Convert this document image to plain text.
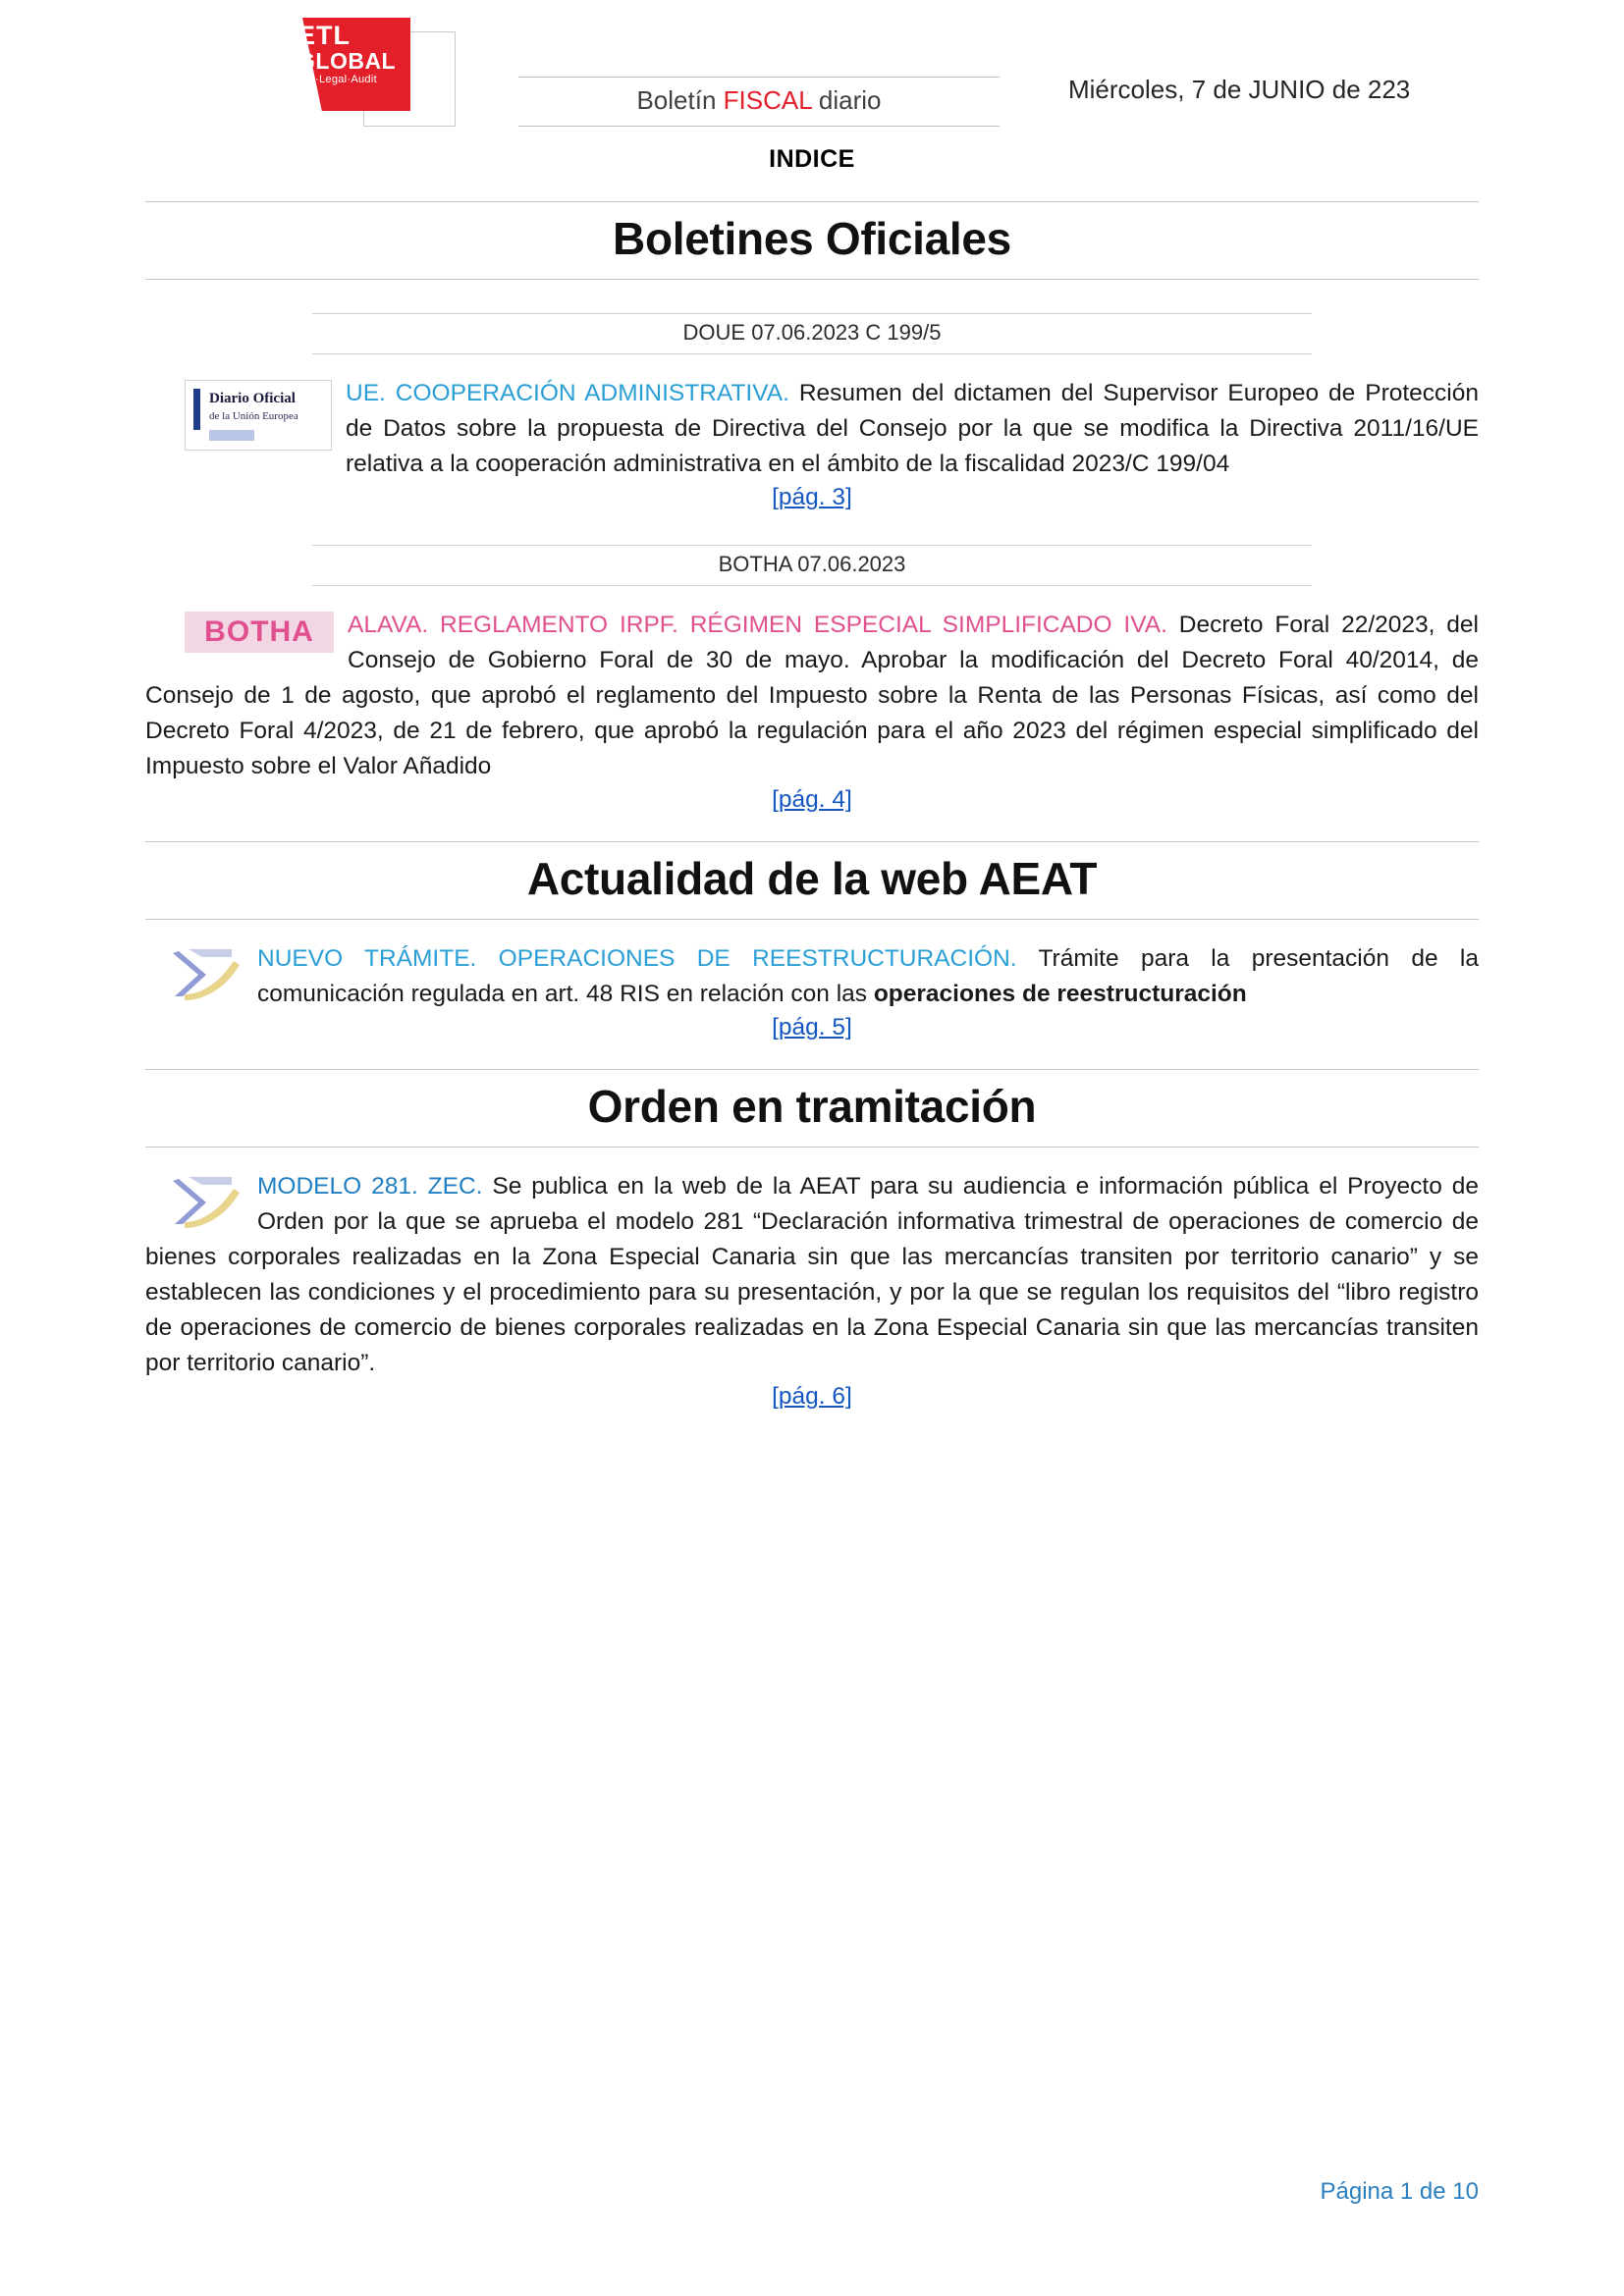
ETL
GLOBAL
Tax·Legal·Audit
Boletín FISCAL diario	Miércoles, 7 de JUNIO de 223
INDICE
Boletines Oficiales
DOUE 07.06.2023 C 199/5
Diario Oficial
de la Unión Europea
UE. COOPERACIÓN ADMINISTRATIVA. Resumen del dictamen del Supervisor Europeo de Protección de Datos sobre la propuesta de Directiva del Consejo por la que se modifica la Directiva 2011/16/UE relativa a la cooperación administrativa en el ámbito de la fiscalidad 2023/C 199/04
[pág. 3]
BOTHA 07.06.2023
BOTHA	ALAVA. REGLAMENTO IRPF. RÉGIMEN ESPECIAL SIMPLIFICADO IVA. Decreto Foral 22/2023, del Consejo de Gobierno Foral de 30 de mayo. Aprobar la modificación del Decreto Foral 40/2014, de Consejo de 1 de agosto, que aprobó el reglamento del Impuesto sobre la Renta de las Personas Físicas, así como del Decreto Foral 4/2023, de 21 de febrero, que aprobó la regulación para el año 2023 del régimen especial simplificado del Impuesto sobre el Valor Añadido
[pág. 4]
Actualidad de la web AEAT
NUEVO TRÁMITE. OPERACIONES DE REESTRUCTURACIÓN. Trámite para la presentación de la comunicación regulada en art. 48 RIS en relación con las operaciones de reestructuración
[pág. 5]
Orden en tramitación
MODELO 281. ZEC. Se publica en la web de la AEAT para su audiencia e información pública el Proyecto de Orden por la que se aprueba el modelo 281 “Declaración informativa trimestral de operaciones de comercio de bienes corporales realizadas en la Zona Especial Canaria sin que las mercancías transiten por territorio canario” y se establecen las condiciones y el procedimiento para su presentación, y por la que se regulan los requisitos del “libro registro de operaciones de comercio de bienes corporales realizadas en la Zona Especial Canaria sin que las mercancías transiten por territorio canario”.
[pág. 6]
Página 1 de 10
